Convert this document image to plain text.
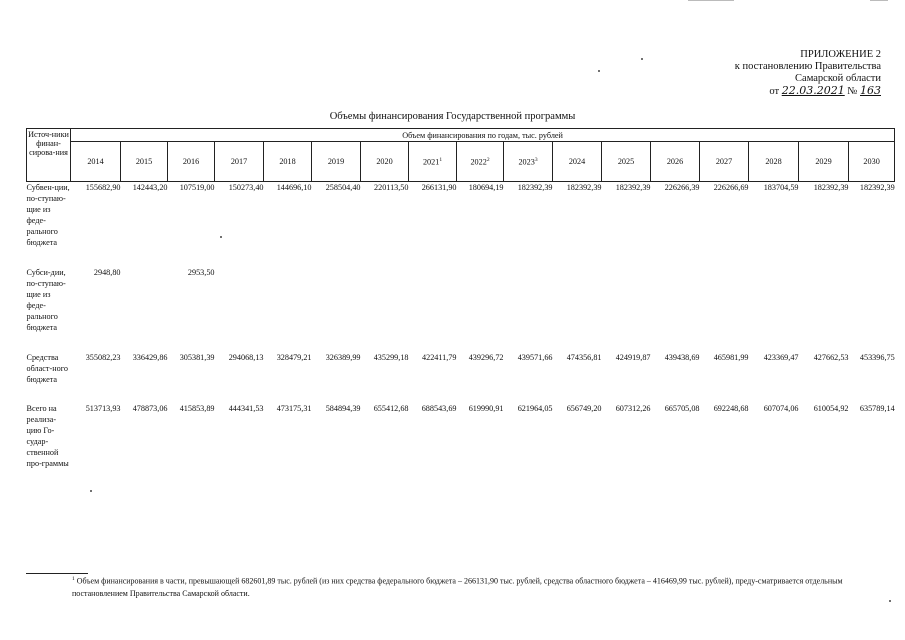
ПРИЛОЖЕНИЕ 2
к постановлению Правительства
Самарской области
от 22.03.2021 № 163
Объемы финансирования Государственной программы
Источ-ники финан-сирова-ния	Объем финансирования по годам, тыс. рублей																
	2014	2015	2016	2017	2018	2019	2020	2021$^1$	2022$^2$	2023$^3$	2024	2025	2026	2027	2028	2029	2030
Субвен-ции, по-ступаю-щие из феде-рального бюджета	155682,90	142443,20	107519,00	150273,40	144696,10	258504,40	220113,50	266131,90	180694,19	182392,39	182392,39	182392,39	226266,39	226266,69	183704,59	182392,39	182392,39
Субси-дии, по-ступаю-щие из феде-рального бюджета	2948,80		2953,50														
Средства област-ного бюджета	355082,23	336429,86	305381,39	294068,13	328479,21	326389,99	435299,18	422411,79	439296,72	439571,66	474356,81	424919,87	439438,69	465981,99	423369,47	427662,53	453396,75
Всего на реализа-цию Го-судар-ственной про-граммы	513713,93	478873,06	415853,89	444341,53	473175,31	584894,39	655412,68	688543,69	619990,91	621964,05	656749,20	607312,26	665705,08	692248,68	607074,06	610054,92	635789,14
$^1$ Объем финансирования в части, превышающей 682601,89 тыс. рублей (из них средства федерального бюджета – 266131,90 тыс. рублей, средства областного бюджета – 416469,99 тыс. рублей), преду-сматривается отдельным постановлением Правительства Самарской области.
